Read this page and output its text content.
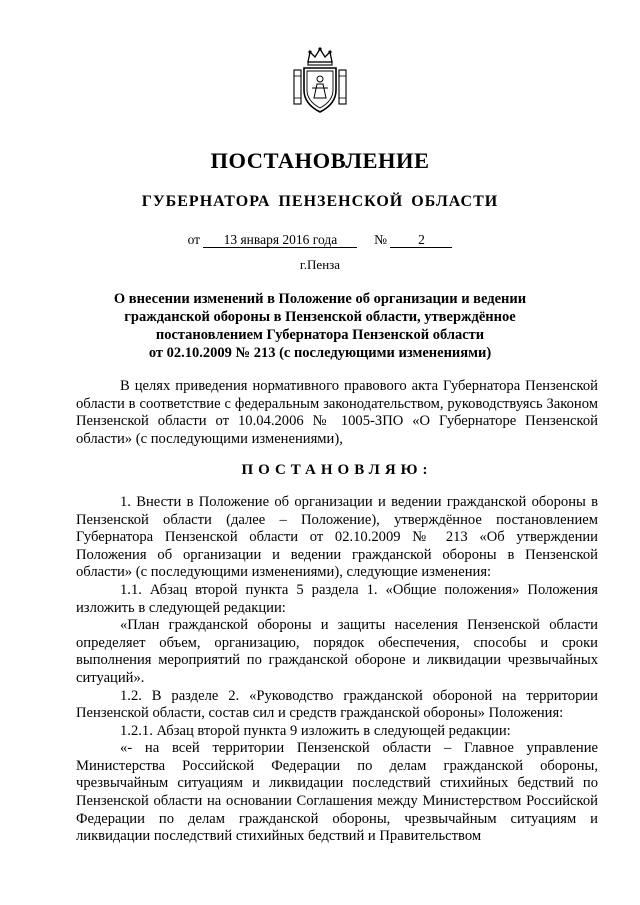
ПОСТАНОВЛЕНИЕ
ГУБЕРНАТОРА ПЕНЗЕНСКОЙ ОБЛАСТИ
от 13 января 2016 года	№ 2
г.Пенза
О внесении изменений в Положение об организации и ведении
гражданской обороны в Пензенской области, утверждённое
постановлением Губернатора Пензенской области
от 02.10.2009 № 213 (с последующими изменениями)

В целях приведения нормативного правового акта Губернатора Пензенской области в соответствие с федеральным законодательством, руководствуясь Законом Пензенской области от 10.04.2006 № 1005-ЗПО «О Губернаторе Пензенской области» (с последующими изменениями),

ПОСТАНОВЛЯЮ:

1. Внести в Положение об организации и ведении гражданской обороны в Пензенской области (далее – Положение), утверждённое постановлением Губернатора Пензенской области от 02.10.2009 № 213 «Об утверждении Положения об организации и ведении гражданской обороны в Пензенской области» (с последующими изменениями), следующие изменения:

1.1. Абзац второй пункта 5 раздела 1. «Общие положения» Положения изложить в следующей редакции:

«План гражданской обороны и защиты населения Пензенской области определяет объем, организацию, порядок обеспечения, способы и сроки выполнения мероприятий по гражданской обороне и ликвидации чрезвычайных ситуаций».

1.2. В разделе 2. «Руководство гражданской обороной на территории Пензенской области, состав сил и средств гражданской обороны» Положения:

1.2.1. Абзац второй пункта 9 изложить в следующей редакции:

«- на всей территории Пензенской области – Главное управление Министерства Российской Федерации по делам гражданской обороны, чрезвычайным ситуациям и ликвидации последствий стихийных бедствий по Пензенской области на основании Соглашения между Министерством Российской Федерации по делам гражданской обороны, чрезвычайным ситуациям и ликвидации последствий стихийных бедствий и Правительством
